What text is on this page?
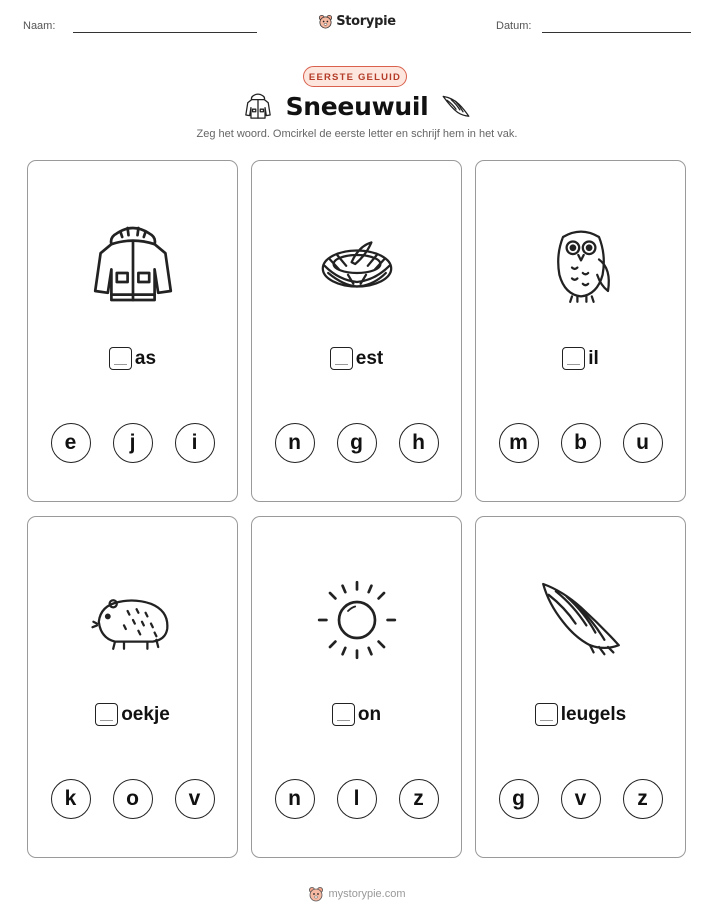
Naam:	Storypie	Datum:
EERSTE GELUID
Sneeuwuil
Zeg het woord. Omcirkel de eerste letter en schrijf hem in het vak.
as
e	j	i
est
n	g	h
il
m	b	u
oekje
k	o	v
on
n	l	z
leugels
g	v	z
mystorypie.com
